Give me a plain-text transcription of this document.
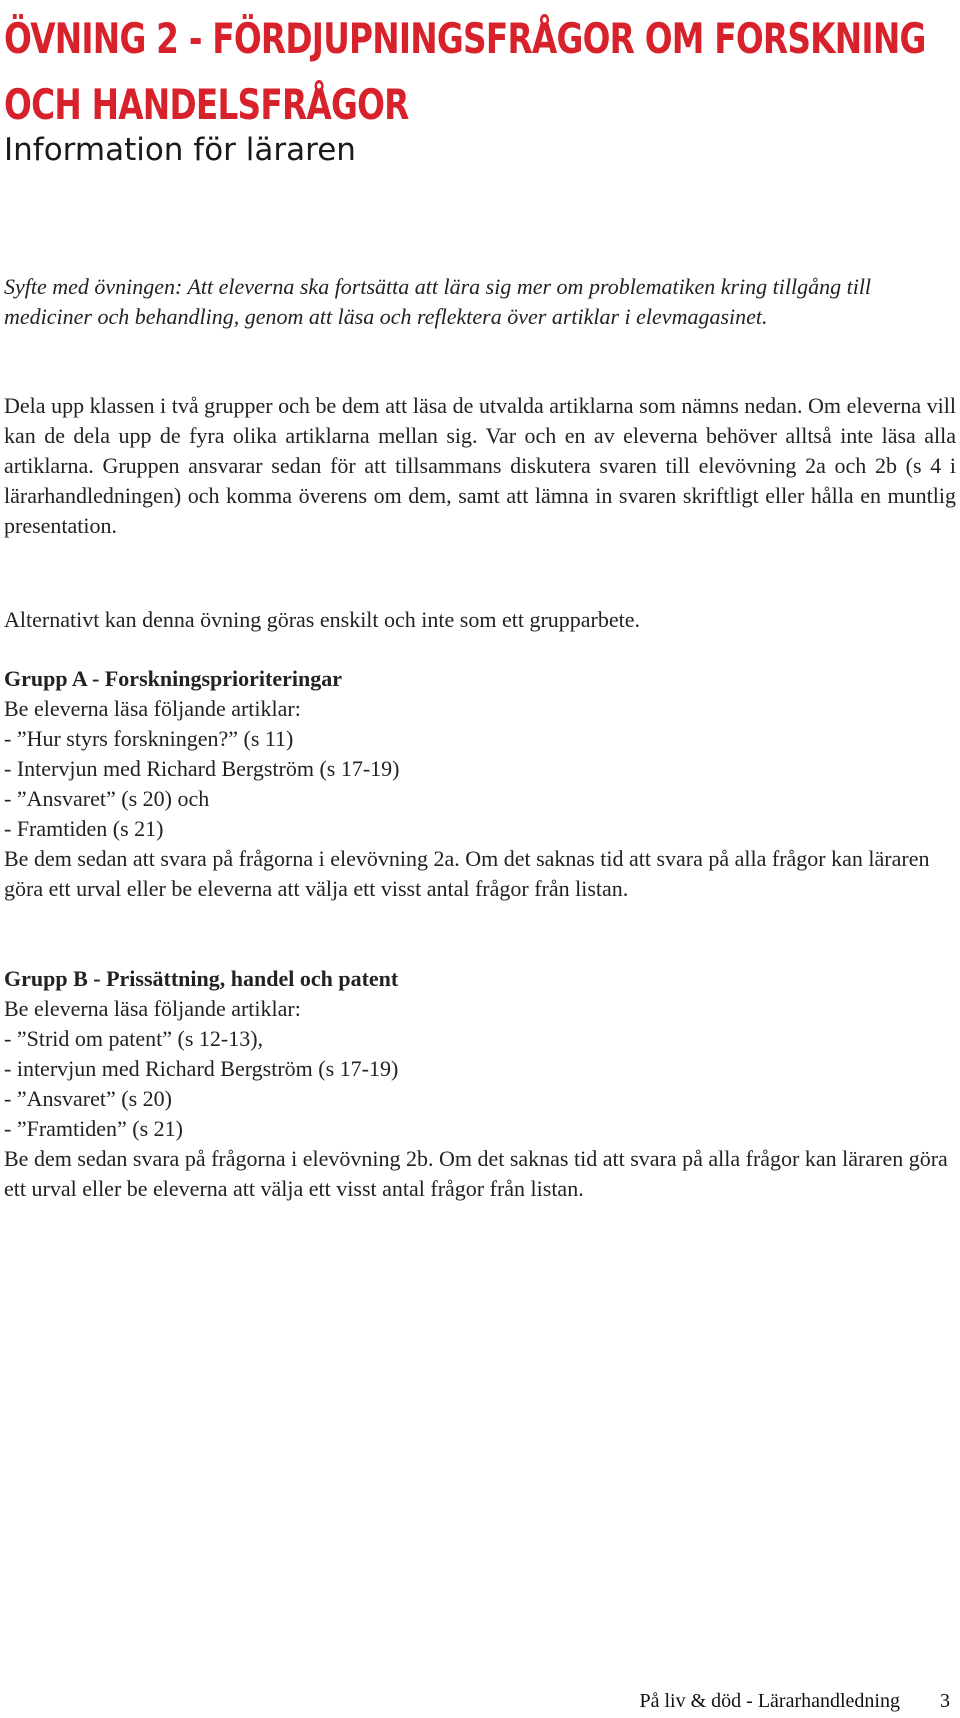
ÖVNING 2 - FÖRDJUPNINGSFRÅGOR OM FORSKNING OCH HANDELSFRÅGOR
Information för läraren

Syfte med övningen: Att eleverna ska fortsätta att lära sig mer om problematiken kring tillgång till mediciner och behandling, genom att läsa och reflektera över artiklar i elevmagasinet.

Dela upp klassen i två grupper och be dem att läsa de utvalda artiklarna som nämns nedan. Om eleverna vill kan de dela upp de fyra olika artiklarna mellan sig. Var och en av eleverna behöver alltså inte läsa alla artiklarna. Gruppen ansvarar sedan för att tillsammans diskutera svaren till elevövning 2a och 2b (s 4 i lärarhandledningen) och komma överens om dem, samt att lämna in svaren skriftligt eller hålla en muntlig presentation.

Alternativt kan denna övning göras enskilt och inte som ett grupparbete.

Grupp A - Forskningsprioriteringar
Be eleverna läsa följande artiklar:
- ”Hur styrs forskningen?” (s 11)
- Intervjun med Richard Bergström (s 17-19)
- ”Ansvaret” (s 20) och
- Framtiden (s 21)
Be dem sedan att svara på frågorna i elevövning 2a. Om det saknas tid att svara på alla frågor kan läraren göra ett urval eller be eleverna att välja ett visst antal frågor från listan.
Grupp B - Prissättning, handel och patent
Be eleverna läsa följande artiklar:
- ”Strid om patent” (s 12-13),
- intervjun med Richard Bergström (s 17-19)
- ”Ansvaret” (s 20)
- ”Framtiden” (s 21)
Be dem sedan svara på frågorna i elevövning 2b. Om det saknas tid att svara på alla frågor kan läraren göra ett urval eller be eleverna att välja ett visst antal frågor från listan.
På liv & död - Lärarhandledning 3
